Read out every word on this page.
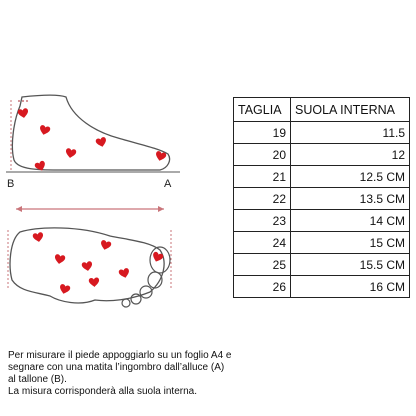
B	A
TAGLIA	SUOLA INTERNA
19	11.5
20	12
21	12.5 CM
22	13.5 CM
23	14 CM
24	15 CM
25	15.5 CM
26	16 CM

Per misurare il piede appoggiarlo su un foglio A4 e
segnare con una matita l’ingombro dall’alluce (A)
al tallone (B).
La misura corrisponderà alla suola interna.
